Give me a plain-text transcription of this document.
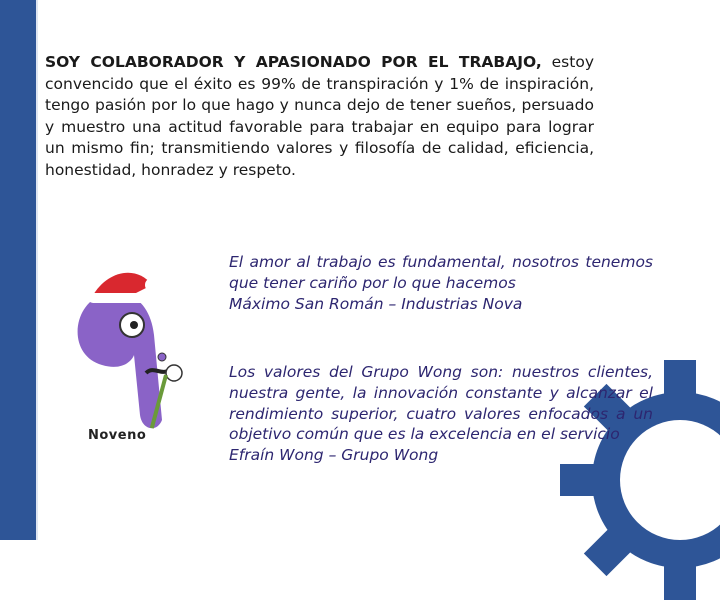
SOY COLABORADOR Y APASIONADO POR EL TRABAJO, estoy convencido que el éxito es 99% de transpiración y 1% de inspiración, tengo pasión por lo que hago y nunca dejo de tener sueños, persuado y muestro una actitud favorable para trabajar en equipo para lograr un mismo fin; transmitiendo valores y filosofía de calidad, eficiencia, honestidad, honradez y respeto.

Noveno
El amor al trabajo es fundamental, nosotros tenemos que tener cariño por lo que hacemos
Máximo San Román – Industrias Nova
Los valores del Grupo Wong son: nuestros clientes, nuestra gente, la innovación constante y alcanzar el rendimiento superior, cuatro valores enfocados a un objetivo común que es la excelencia en el servicio
Efraín Wong – Grupo Wong
